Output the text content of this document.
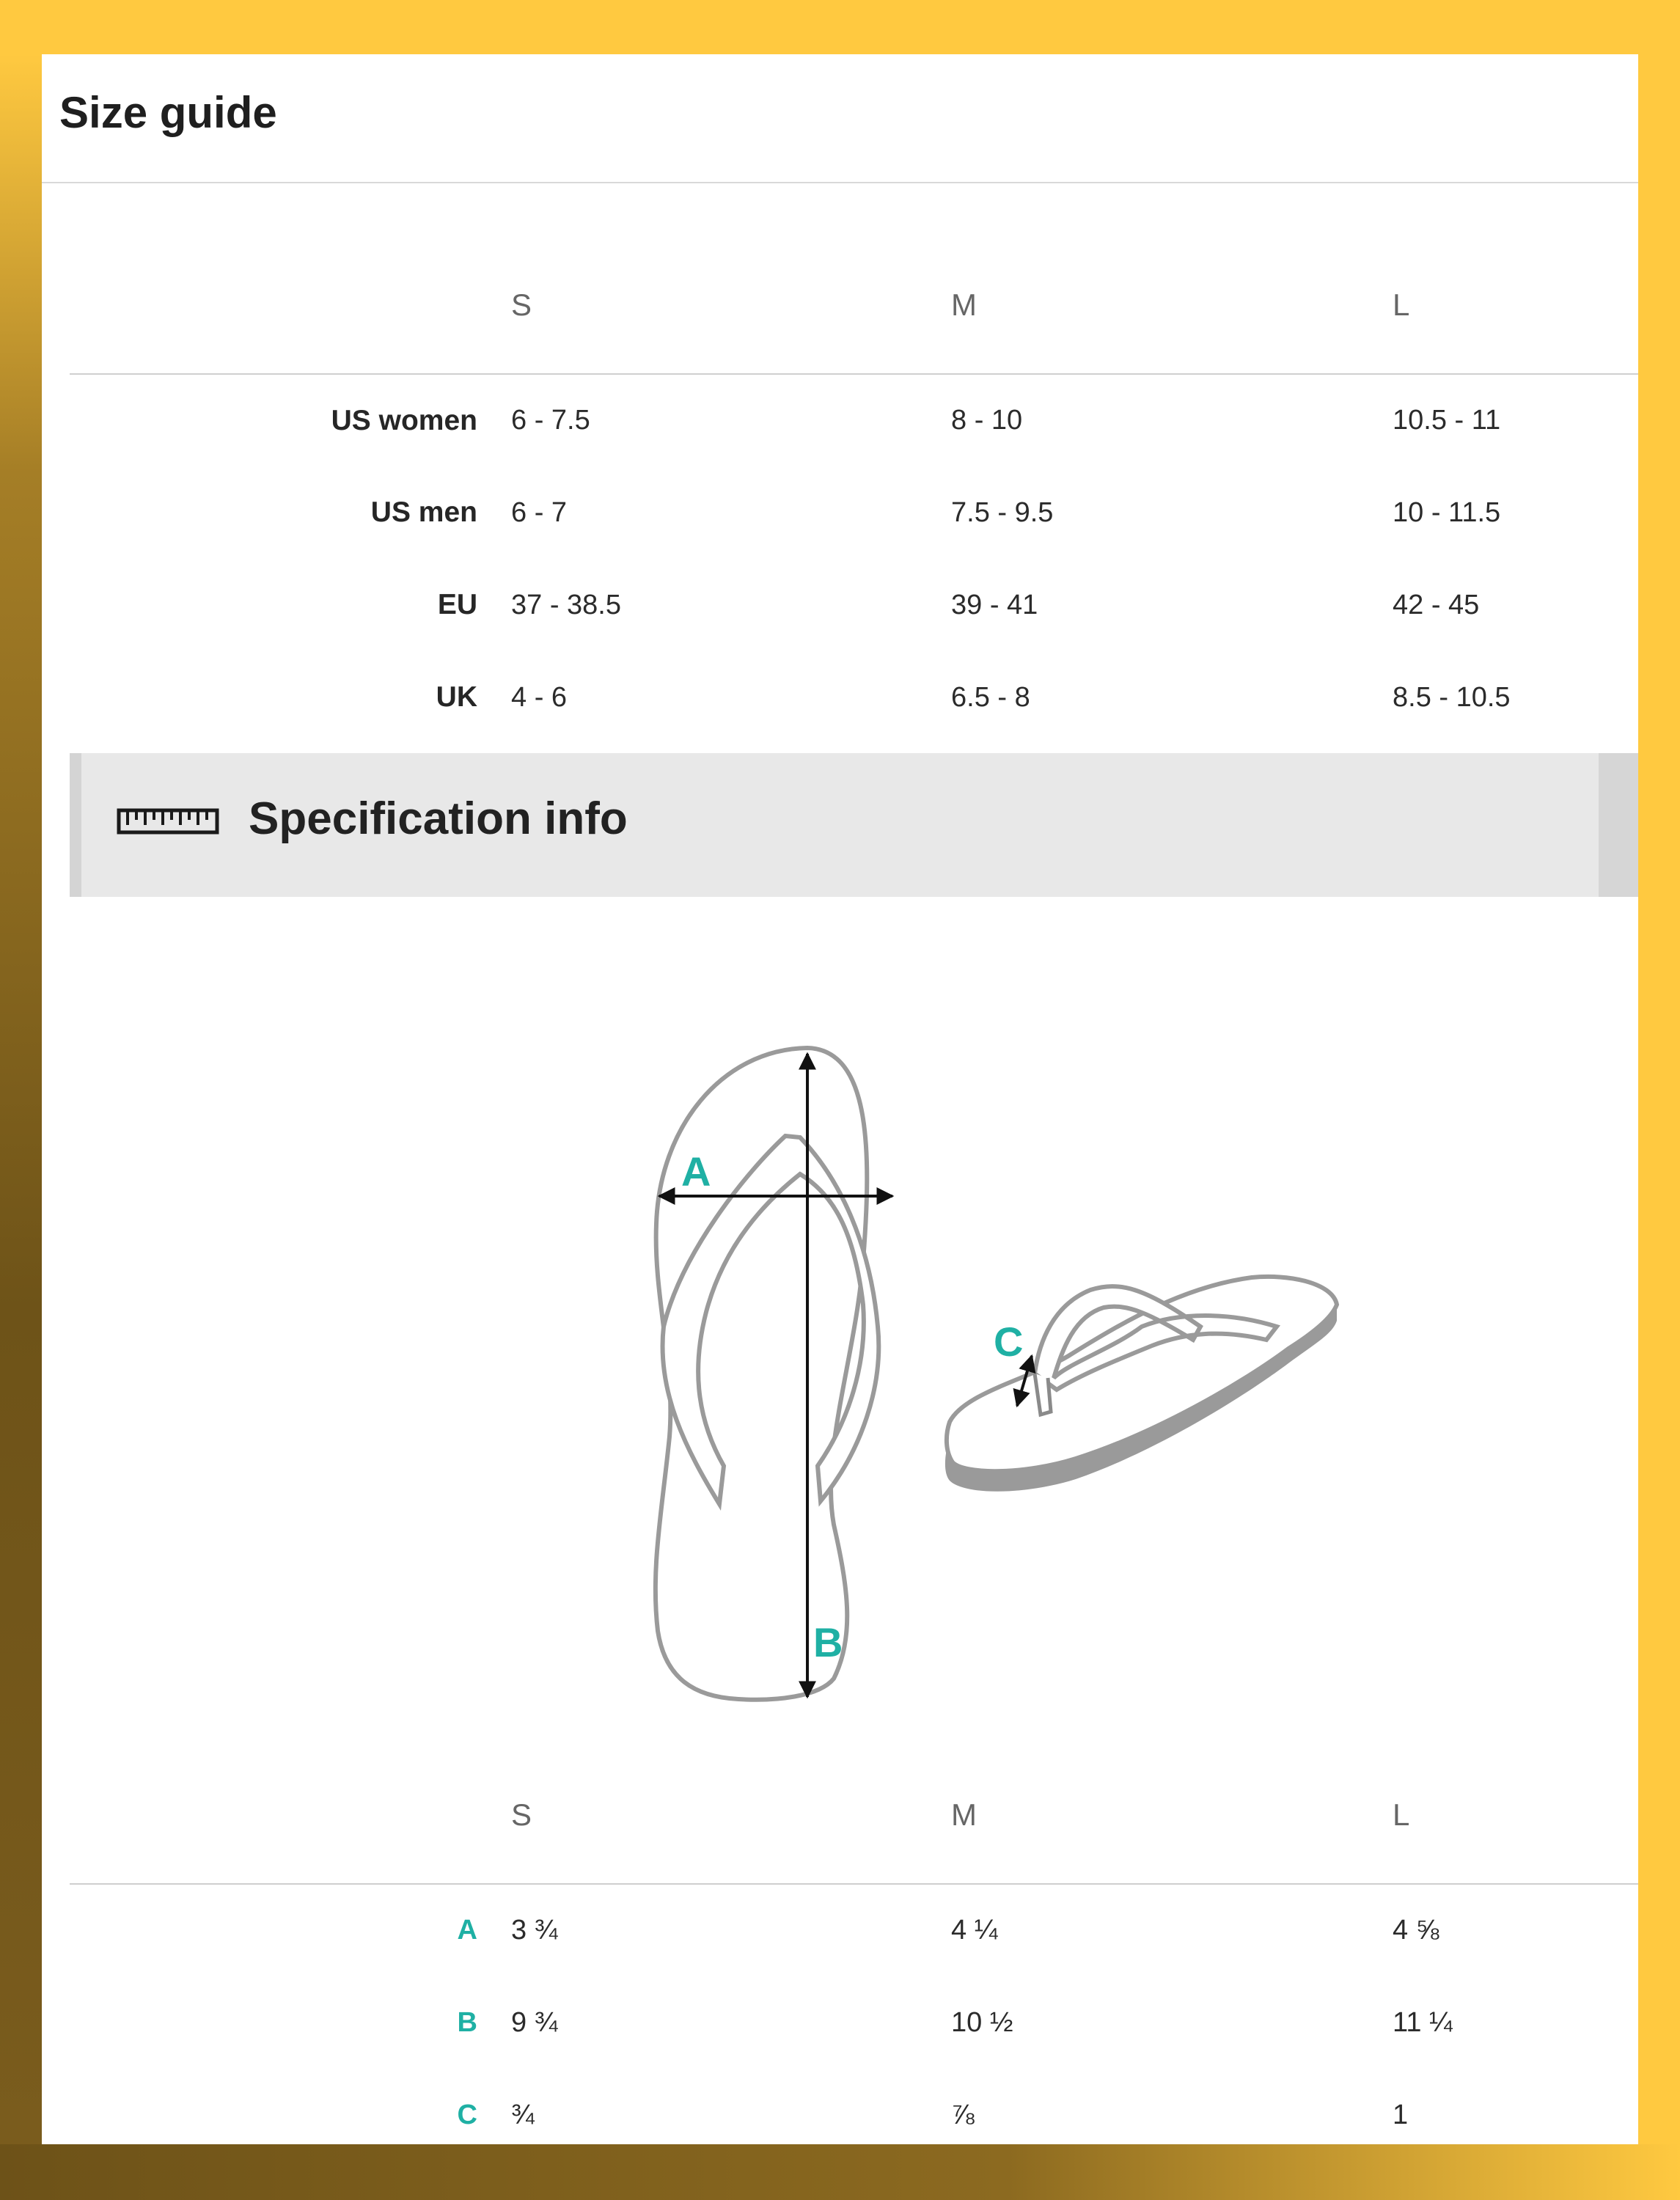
Size guide
	S	M	L
US women	6 - 7.5	8 - 10	10.5 - 11
US men	6 - 7	7.5 - 9.5	10 - 11.5
EU	37 - 38.5	39 - 41	42 - 45
UK	4 - 6	6.5 - 8	8.5 - 10.5
Specification info
A
B
C
	S	M	L
A	3 ¾	4 ¼	4 ⅝
B	9 ¾	10 ½	11 ¼
C	¾	⅞	1
